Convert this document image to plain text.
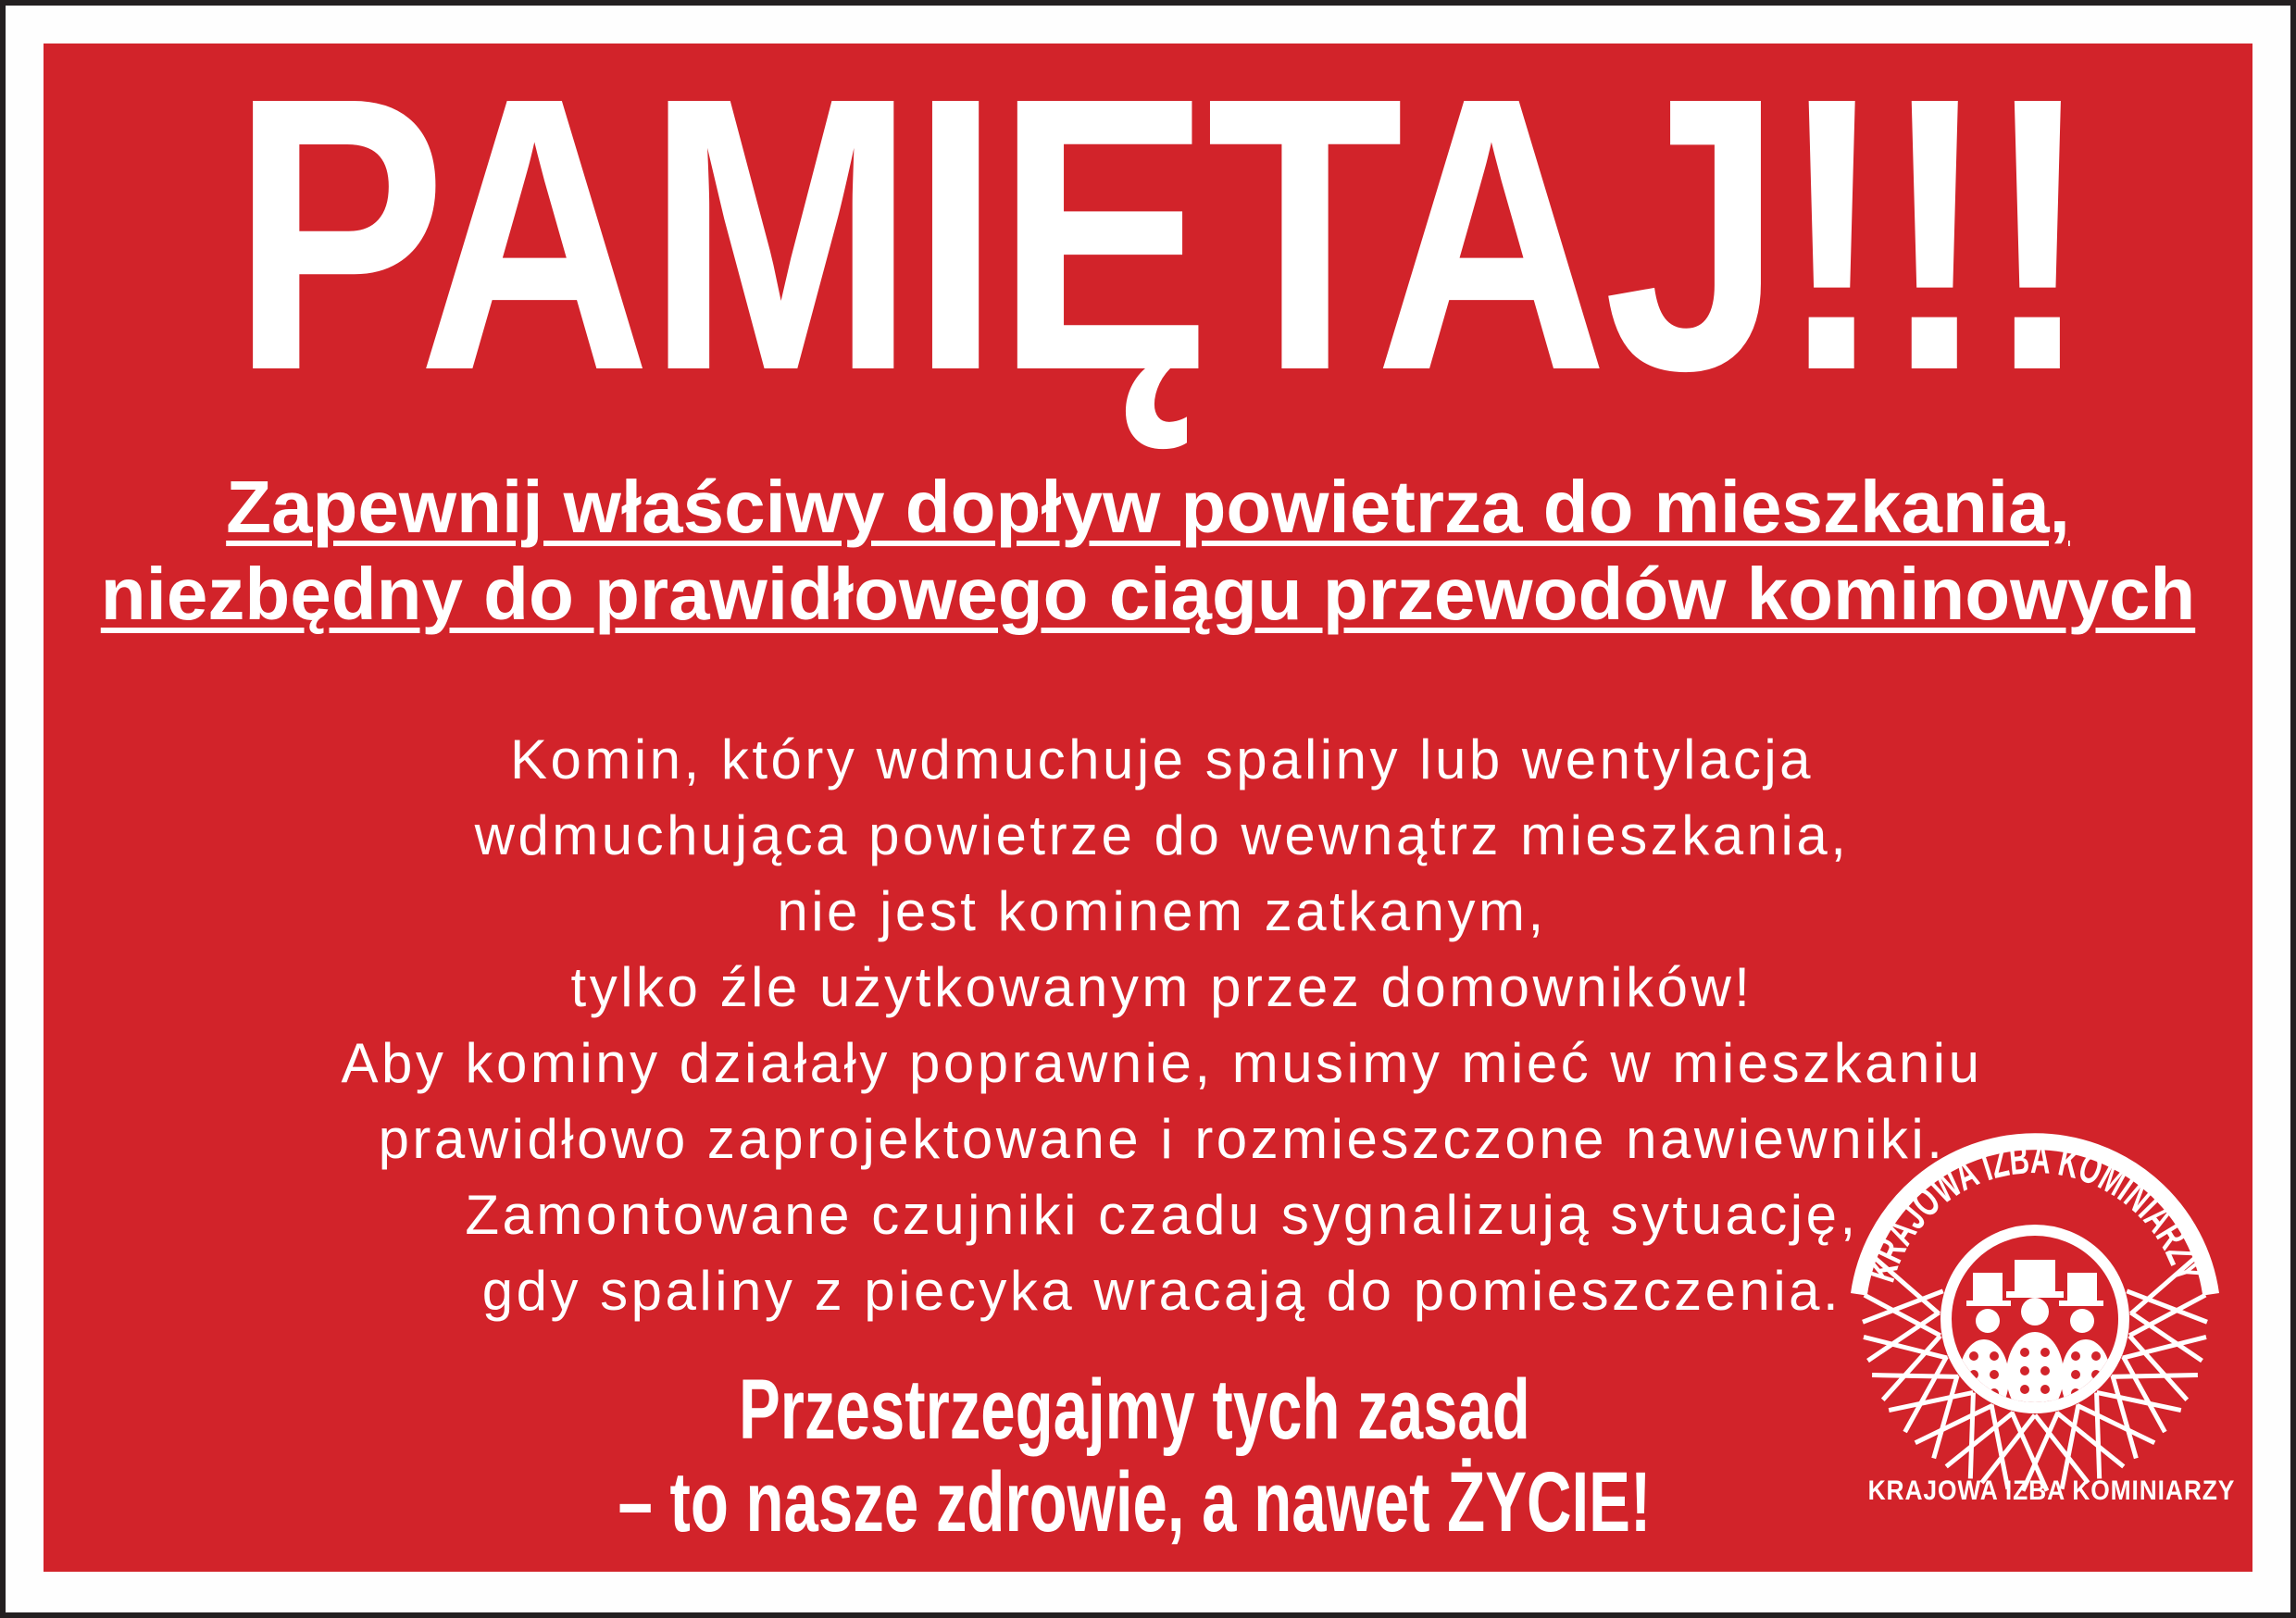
PAMIĘTAJ!!!
Zapewnij właściwy dopływ powietrza do mieszkania,
niezbędny do prawidłowego ciągu przewodów kominowych
Komin, który wdmuchuje spaliny lub wentylacja
wdmuchująca powietrze do wewnątrz mieszkania,
nie jest kominem zatkanym,
tylko źle użytkowanym przez domowników!
Aby kominy działały poprawnie, musimy mieć w mieszkaniu
prawidłowo zaprojektowane i rozmieszczone nawiewniki.
Zamontowane czujniki czadu sygnalizują sytuację,
gdy spaliny z piecyka wracają do pomieszczenia.
Przestrzegajmy tych zasad
– to nasze zdrowie, a nawet ŻYCIE!
KRAJOWA IZBA KOMINIARZY
KRAJOWA IZBA KOMINIARZY
